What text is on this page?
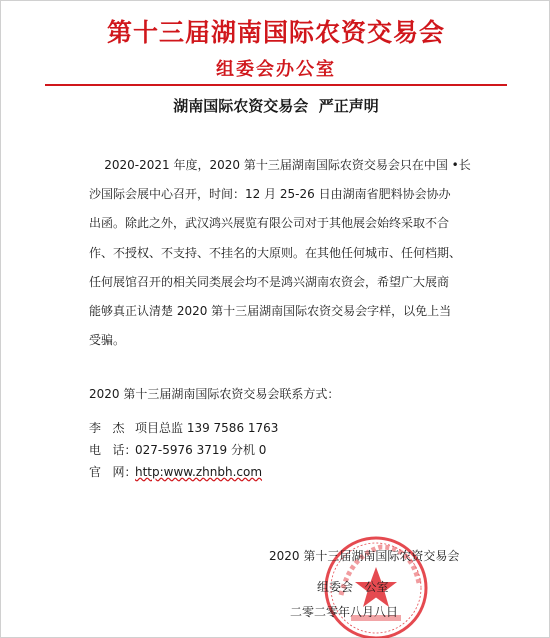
第十三届湖南国际农资交易会
组委会办公室
湖南国际农资交易会  严正声明

2020-2021 年度，2020 第十三届湖南国际农资交易会只在中国 •长

沙国际会展中心召开，时间：12 月 25-26 日由湖南省肥料协会协办

出函。除此之外，武汉鸿兴展览有限公司对于其他展会始终采取不合

作、不授权、不支持、不挂名的大原则。在其他任何城市、任何档期、

任何展馆召开的相关同类展会均不是鸿兴湖南农资会，希望广大展商

能够真正认清楚 2020 第十三届湖南国际农资交易会字样，以免上当

受骗。

2020 第十三届湖南国际农资交易会联系方式：
李   杰 项目总监 139 7586 1763
电   话：027-5976 3719 分机 0
官   网：http:www.zhnbh.com
2020 第十三届湖南国际农资交易会
组委会   公室
二零二零年八月八日
